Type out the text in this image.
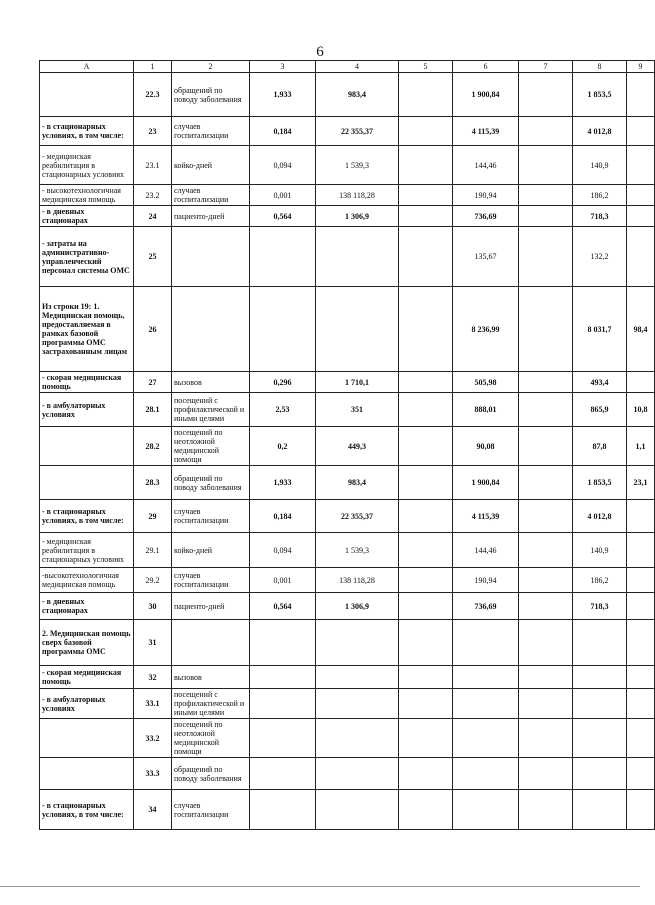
6
А	1	2	3	4	5	6	7	8	9
	22.3	обращений по поводу заболевания	1,933	983,4		1 900,84		1 853,5	
- в стационарных условиях, в том числе:	23	случаев госпитализации	0,184	22 355,37		4 115,39		4 012,8	
- медицинская реабилитация в стационарных условиях	23.1	койко-дней	0,094	1 539,3		144,46		140,9	
- высокотехнологичная медицинская помощь	23.2	случаев госпитализации	0,001	138 118,28		190,94		186,2	
- в дневных стационарах	24	пациенто-дней	0,564	1 306,9		736,69		718,3	
- затраты на административно-управленческий персонал системы ОМС	25					135,67		132,2	
Из строки 19: 1. Медицинская помощь, предоставляемая в рамках базовой программы ОМС застрахованным лицам	26					8 236,99		8 031,7	98,4
- скорая медицинская помощь	27	вызовов	0,296	1 710,1		505,98		493,4	
- в амбулаторных условиях	28.1	посещений с профилактической и иными целями	2,53	351		888,01		865,9	10,8
	28.2	посещений по неотложной медицинской помощи	0,2	449,3		90,08		87,8	1,1
	28.3	обращений по поводу заболевания	1,933	983,4		1 900,84		1 853,5	23,1
- в стационарных условиях, в том числе:	29	случаев госпитализации	0,184	22 355,37		4 115,39		4 012,8	
- медицинская реабилитация в стационарных условиях	29.1	койко-дней	0,094	1 539,3		144,46		140,9	
-высокотехнологичная медицинская помощь	29.2	случаев госпитализации	0,001	138 118,28		190,94		186,2	
- в дневных стационарах	30	пациенто-дней	0,564	1 306,9		736,69		718,3	
2. Медицинская помощь сверх базовой программы ОМС	31								
- скорая медицинская помощь	32	вызовов							
- в амбулаторных условиях	33.1	посещений с профилактической и иными целями							
	33.2	посещений по неотложной медицинской помощи							
	33.3	обращений по поводу заболевания							
- в стационарных условиях, в том числе:	34	случаев госпитализации							
